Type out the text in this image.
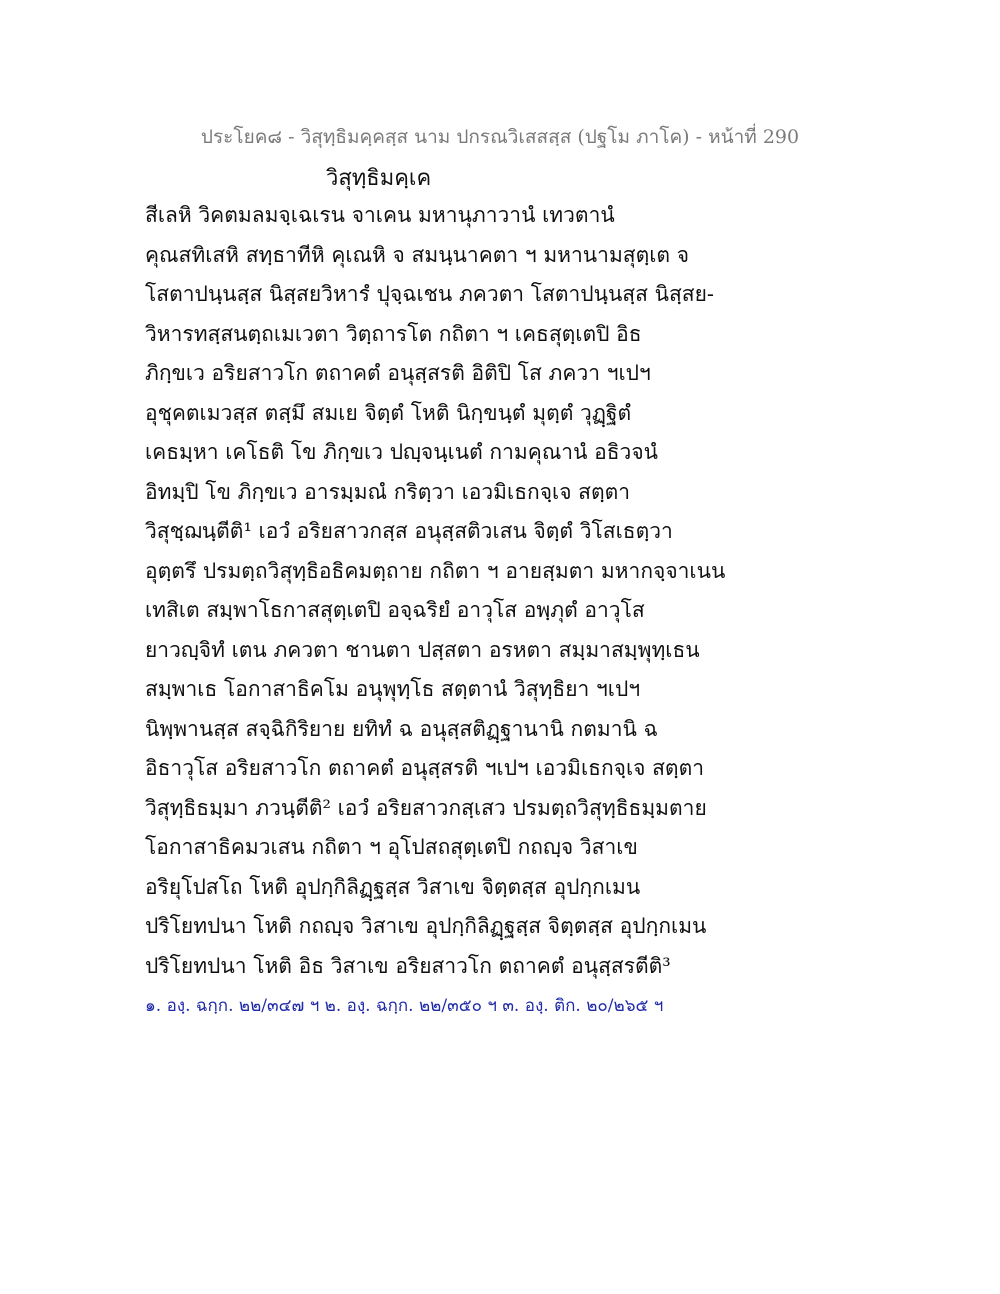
ประโยค๘ - วิสุทฺธิมคฺคสฺส นาม ปกรณวิเสสสฺส (ปฐโม ภาโค) - หน้าที่ 290
วิสุทฺธิมคฺเค
สีเลหิ วิคตมลมจฺเฉเรน จาเคน มหานุภาวานํ เทวตานํ
คุณสทิเสหิ สทฺธาทีหิ คุเณหิ จ สมนฺนาคตา ฯ มหานามสุตฺเต จ
โสตาปนฺนสฺส นิสฺสยวิหารํ ปุจฺฉเชน ภควตา โสตาปนฺนสฺส นิสฺสย-
วิหารทสฺสนตฺถเมเวตา วิตฺถารโต กถิตา ฯ เคธสุตฺเตปิ อิธ
ภิกฺขเว อริยสาวโก ตถาคตํ อนุสฺสรติ อิติปิ โส ภควา ฯเปฯ
อุชุคตเมวสฺส ตสฺมึ สมเย จิตฺตํ โหติ นิกฺขนฺตํ มุตฺตํ วุฏฺฐิตํ
เคธมฺหา เคโธติ โข ภิกฺขเว ปญฺจนฺเนตํ กามคุณานํ อธิวจนํ
อิทมฺปิ โข ภิกฺขเว อารมฺมณํ กริตฺวา เอวมิเธกจฺเจ สตฺตา
วิสุชฺฌนฺตีติ¹ เอวํ อริยสาวกสฺส อนุสฺสติวเสน จิตฺตํ วิโสเธตฺวา
อุตฺตรึ ปรมตฺถวิสุทฺธิอธิคมตฺถาย กถิตา ฯ อายสฺมตา มหากจฺจาเนน
เทสิเต สมฺพาโธกาสสุตฺเตปิ อจฺฉริยํ อาวุโส อพฺภุตํ อาวุโส
ยาวญฺจิทํ เตน ภควตา ชานตา ปสฺสตา อรหตา สมฺมาสมฺพุทฺเธน
สมฺพาเธ โอกาสาธิคโม อนุพุทฺโธ สตฺตานํ วิสุทฺธิยา ฯเปฯ
นิพฺพานสฺส สจฺฉิกิริยาย ยทิทํ ฉ อนุสฺสติฏฺฐานานิ กตมานิ ฉ
อิธาวุโส อริยสาวโก ตถาคตํ อนุสฺสรติ ฯเปฯ เอวมิเธกจฺเจ สตฺตา
วิสุทฺธิธมฺมา ภวนฺตีติ² เอวํ อริยสาวกสฺเสว ปรมตฺถวิสุทฺธิธมฺมตาย
โอกาสาธิคมวเสน กถิตา ฯ อุโปสถสุตฺเตปิ กถญฺจ วิสาเข
อริยุโปสโถ โหติ อุปกฺกิลิฏฺฐสฺส วิสาเข จิตฺตสฺส อุปกฺกเมน
ปริโยทปนา โหติ กถญฺจ วิสาเข อุปกฺกิลิฏฺฐสฺส จิตฺตสฺส อุปกฺกเมน
ปริโยทปนา โหติ อิธ วิสาเข อริยสาวโก ตถาคตํ อนุสฺสรตีติ³
๑. องฺ. ฉกฺก. ๒๒/๓๔๗ ฯ ๒. องฺ. ฉกฺก. ๒๒/๓๕๐ ฯ ๓. องฺ. ติก. ๒๐/๒๖๕ ฯ
